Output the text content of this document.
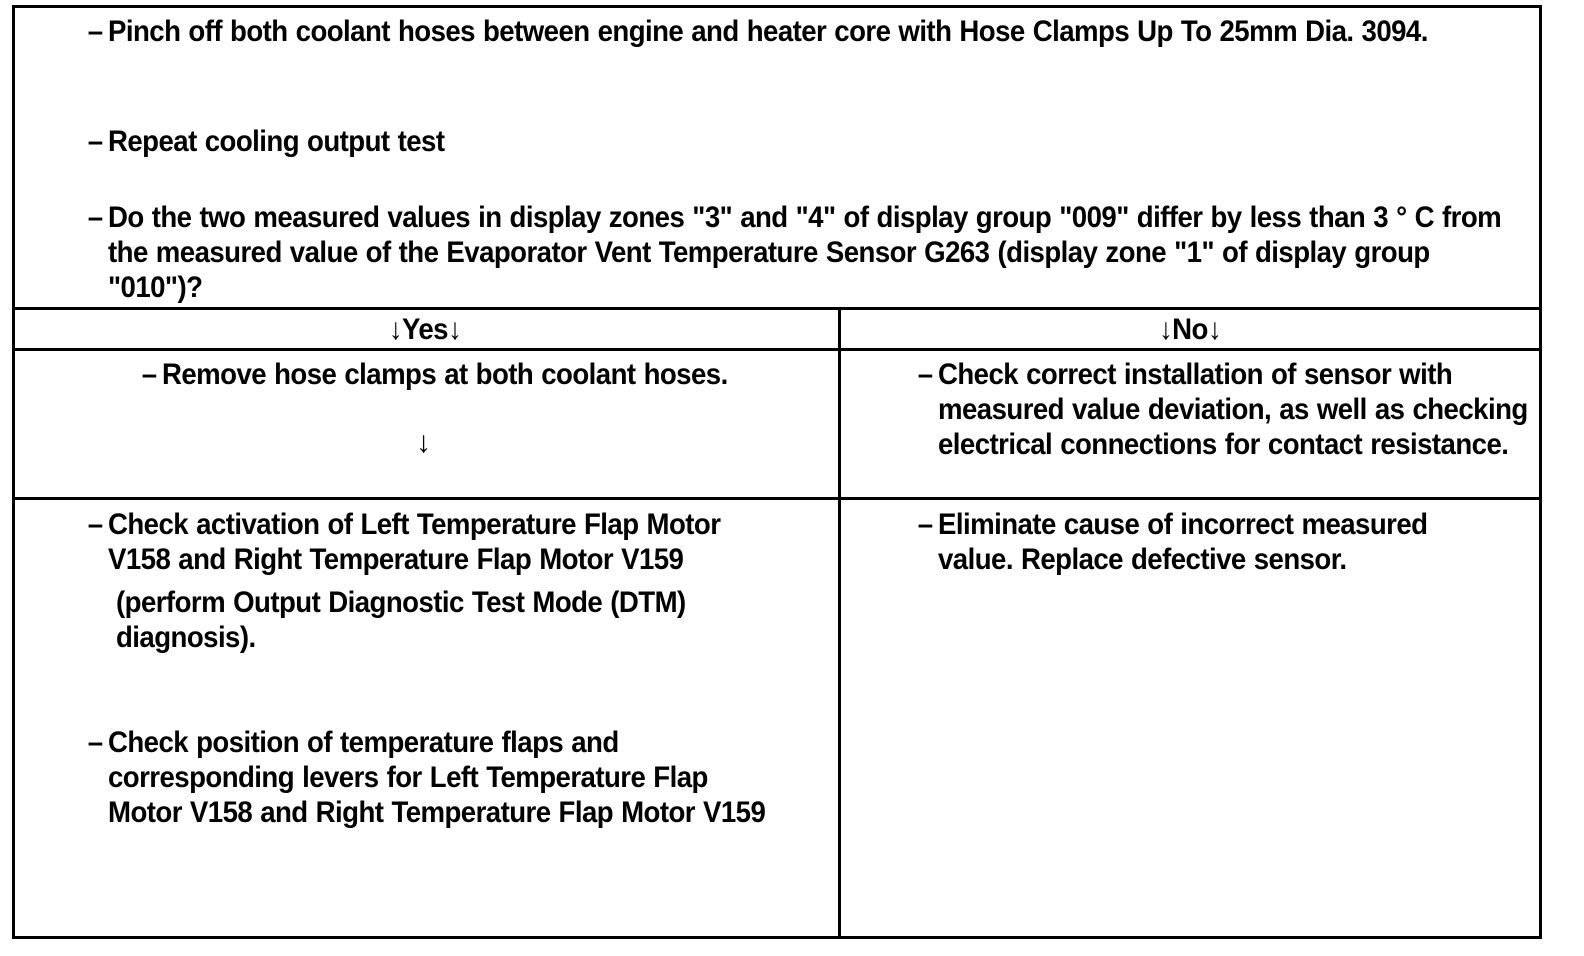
– Pinch off both coolant hoses between engine and heater core with Hose Clamps Up To 25mm Dia. 3094.
– Repeat cooling output test
– Do the two measured values in display zones "3" and "4" of display group "009" differ by less than 3 ° C from the measured value of the Evaporator Vent Temperature Sensor G263 (display zone "1" of display group "010")?
↓Yes↓	↓No↓
– Remove hose clamps at both coolant hoses.
↓
– Check activation of Left Temperature Flap Motor V158 and Right Temperature Flap Motor V159
(perform Output Diagnostic Test Mode (DTM) diagnosis).
– Check position of temperature flaps and corresponding levers for Left Temperature Flap Motor V158 and Right Temperature Flap Motor V159
– Check correct installation of sensor with measured value deviation, as well as checking electrical connections for contact resistance.
– Eliminate cause of incorrect measured value. Replace defective sensor.
